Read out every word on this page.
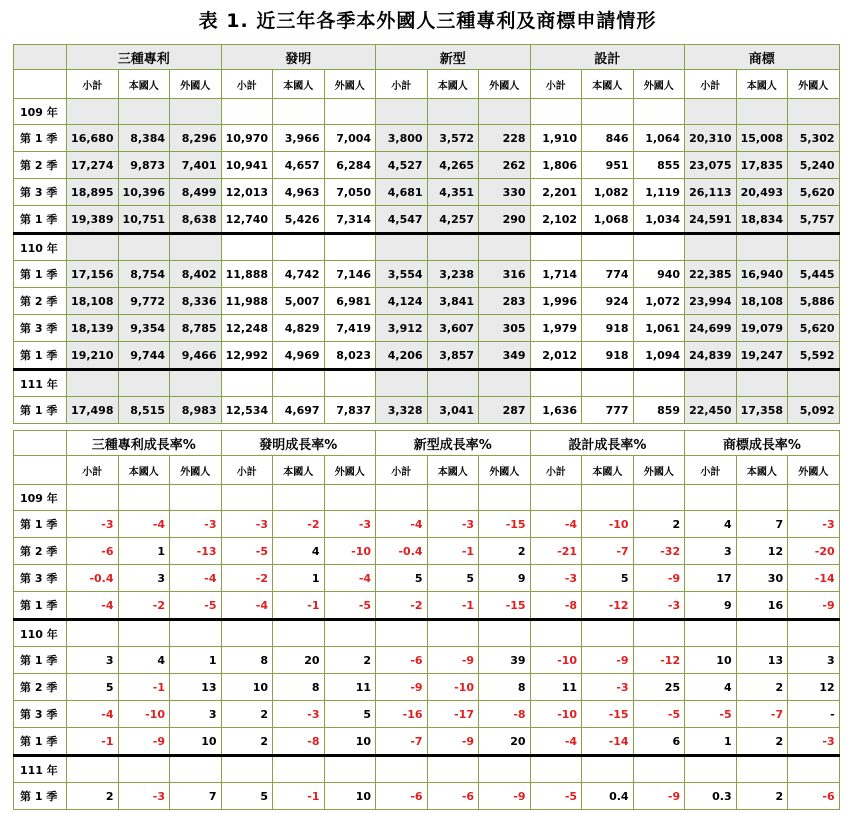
表 1. 近三年各季本外國人三種專利及商標申請情形
	三種專利			發明			新型			設計			商標		
	小計	本國人	外國人	小計	本國人	外國人	小計	本國人	外國人	小計	本國人	外國人	小計	本國人	外國人
109 年															
第 1 季	16,680	8,384	8,296	10,970	3,966	7,004	3,800	3,572	228	1,910	846	1,064	20,310	15,008	5,302
第 2 季	17,274	9,873	7,401	10,941	4,657	6,284	4,527	4,265	262	1,806	951	855	23,075	17,835	5,240
第 3 季	18,895	10,396	8,499	12,013	4,963	7,050	4,681	4,351	330	2,201	1,082	1,119	26,113	20,493	5,620
第 1 季	19,389	10,751	8,638	12,740	5,426	7,314	4,547	4,257	290	2,102	1,068	1,034	24,591	18,834	5,757
110 年															
第 1 季	17,156	8,754	8,402	11,888	4,742	7,146	3,554	3,238	316	1,714	774	940	22,385	16,940	5,445
第 2 季	18,108	9,772	8,336	11,988	5,007	6,981	4,124	3,841	283	1,996	924	1,072	23,994	18,108	5,886
第 3 季	18,139	9,354	8,785	12,248	4,829	7,419	3,912	3,607	305	1,979	918	1,061	24,699	19,079	5,620
第 1 季	19,210	9,744	9,466	12,992	4,969	8,023	4,206	3,857	349	2,012	918	1,094	24,839	19,247	5,592
111 年															
第 1 季	17,498	8,515	8,983	12,534	4,697	7,837	3,328	3,041	287	1,636	777	859	22,450	17,358	5,092
	三種專利成長率%			發明成長率%			新型成長率%			設計成長率%			商標成長率%		
	小計	本國人	外國人	小計	本國人	外國人	小計	本國人	外國人	小計	本國人	外國人	小計	本國人	外國人
109 年															
第 1 季	-3	-4	-3	-3	-2	-3	-4	-3	-15	-4	-10	2	4	7	-3
第 2 季	-6	1	-13	-5	4	-10	-0.4	-1	2	-21	-7	-32	3	12	-20
第 3 季	-0.4	3	-4	-2	1	-4	5	5	9	-3	5	-9	17	30	-14
第 1 季	-4	-2	-5	-4	-1	-5	-2	-1	-15	-8	-12	-3	9	16	-9
110 年															
第 1 季	3	4	1	8	20	2	-6	-9	39	-10	-9	-12	10	13	3
第 2 季	5	-1	13	10	8	11	-9	-10	8	11	-3	25	4	2	12
第 3 季	-4	-10	3	2	-3	5	-16	-17	-8	-10	-15	-5	-5	-7	-
第 1 季	-1	-9	10	2	-8	10	-7	-9	20	-4	-14	6	1	2	-3
111 年															
第 1 季	2	-3	7	5	-1	10	-6	-6	-9	-5	0.4	-9	0.3	2	-6
